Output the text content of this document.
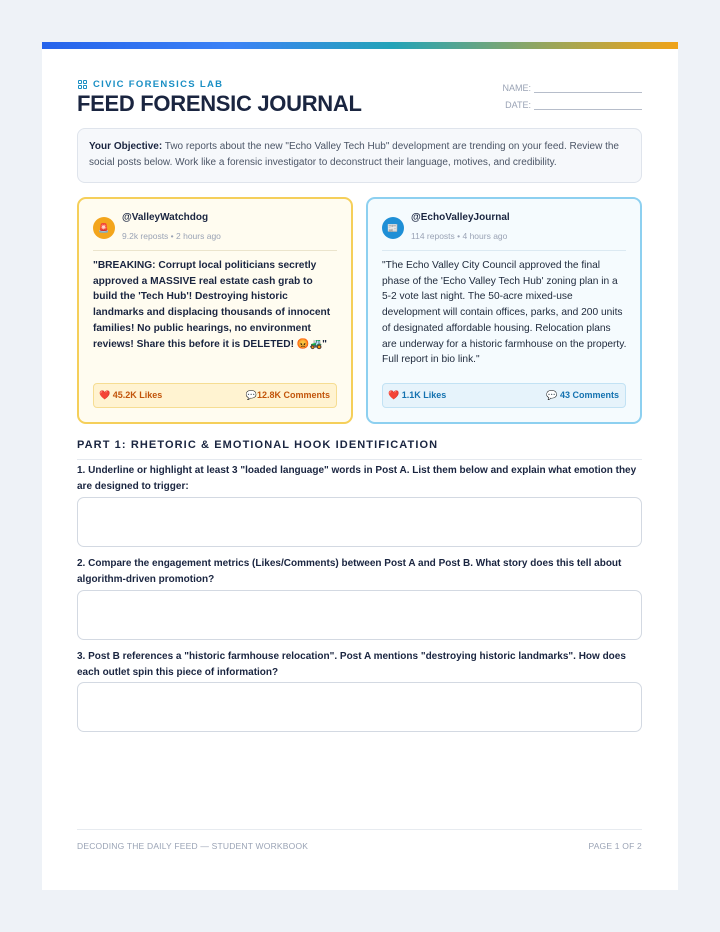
CIVIC FORENSICS LAB
FEED FORENSIC JOURNAL
NAME:
DATE:
Your Objective: Two reports about the new "Echo Valley Tech Hub" development are trending on your feed. Review the social posts below. Work like a forensic investigator to deconstruct their language, motives, and credibility.
🚨
@ValleyWatchdog
9.2k reposts • 2 hours ago
"BREAKING: Corrupt local politicians secretly approved a MASSIVE real estate cash grab to build the 'Tech Hub'! Destroying historic landmarks and displacing thousands of innocent families! No public hearings, no environment reviews! Share this before it is DELETED! 😡🚜"
❤️ 45.2K Likes	💬12.8K Comments
📰
@EchoValleyJournal
114 reposts • 4 hours ago
"The Echo Valley City Council approved the final phase of the 'Echo Valley Tech Hub' zoning plan in a 5-2 vote last night. The 50-acre mixed-use development will contain offices, parks, and 200 units of designated affordable housing. Relocation plans are underway for a historic farmhouse on the property. Full report in bio link."
❤️ 1.1K Likes	💬 43 Comments
PART 1: RHETORIC & EMOTIONAL HOOK IDENTIFICATION
1. Underline or highlight at least 3 "loaded language" words in Post A. List them below and explain what emotion they are designed to trigger:
2. Compare the engagement metrics (Likes/Comments) between Post A and Post B. What story does this tell about algorithm-driven promotion?
3. Post B references a "historic farmhouse relocation". Post A mentions "destroying historic landmarks". How does each outlet spin this piece of information?
DECODING THE DAILY FEED — STUDENT WORKBOOK	PAGE 1 OF 2
